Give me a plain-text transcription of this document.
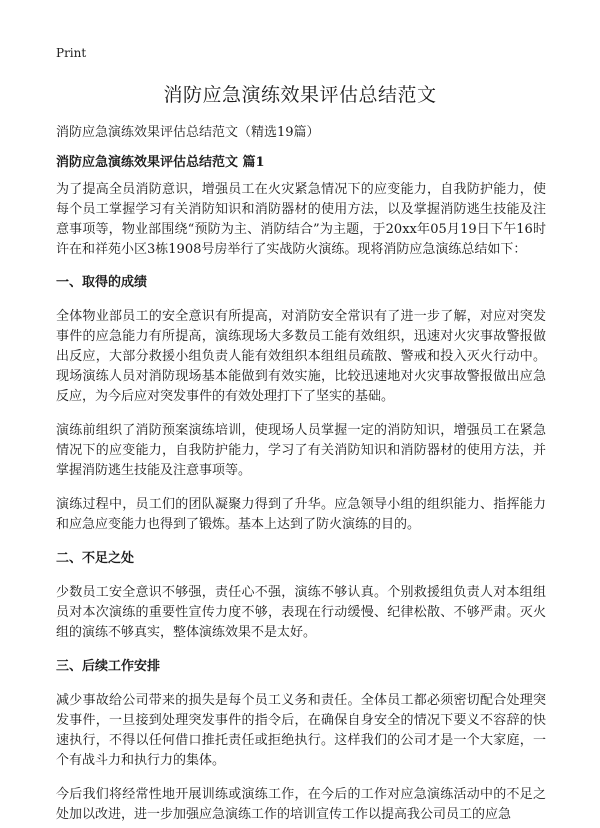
Print
消防应急演练效果评估总结范文
消防应急演练效果评估总结范文（精选19篇）
消防应急演练效果评估总结范文 篇1

为了提高全员消防意识，增强员工在火灾紧急情况下的应变能力，自我防护能力，使每个员工掌握学习有关消防知识和消防器材的使用方法，以及掌握消防逃生技能及注意事项等，物业部围绕“预防为主、消防结合”为主题，于20xx年05月19日下午16时许在和祥苑小区3栋1908号房举行了实战防火演练。现将消防应急演练总结如下：

一、取得的成绩

全体物业部员工的安全意识有所提高，对消防安全常识有了进一步了解，对应对突发事件的应急能力有所提高，演练现场大多数员工能有效组织，迅速对火灾事故警报做出反应，大部分救援小组负责人能有效组织本组组员疏散、警戒和投入灭火行动中。现场演练人员对消防现场基本能做到有效实施，比较迅速地对火灾事故警报做出应急反应，为今后应对突发事件的有效处理打下了坚实的基础。

演练前组织了消防预案演练培训，使现场人员掌握一定的消防知识，增强员工在紧急情况下的应变能力，自我防护能力，学习了有关消防知识和消防器材的使用方法，并掌握消防逃生技能及注意事项等。

演练过程中，员工们的团队凝聚力得到了升华。应急领导小组的组织能力、指挥能力和应急应变能力也得到了锻炼。基本上达到了防火演练的目的。

二、不足之处

少数员工安全意识不够强，责任心不强，演练不够认真。个别救援组负责人对本组组员对本次演练的重要性宣传力度不够，表现在行动缓慢、纪律松散、不够严肃。灭火组的演练不够真实，整体演练效果不是太好。

三、后续工作安排

减少事故给公司带来的损失是每个员工义务和责任。全体员工都必须密切配合处理突发事件，一旦接到处理突发事件的指令后，在确保自身安全的情况下要义不容辞的快速执行，不得以任何借口推托责任或拒绝执行。这样我们的公司才是一个大家庭，一个有战斗力和执行力的集体。

今后我们将经常性地开展训练或演练工作，在今后的工作对应急演练活动中的不足之处加以改进，进一步加强应急演练工作的培训宣传工作以提高我公司员工的应急
